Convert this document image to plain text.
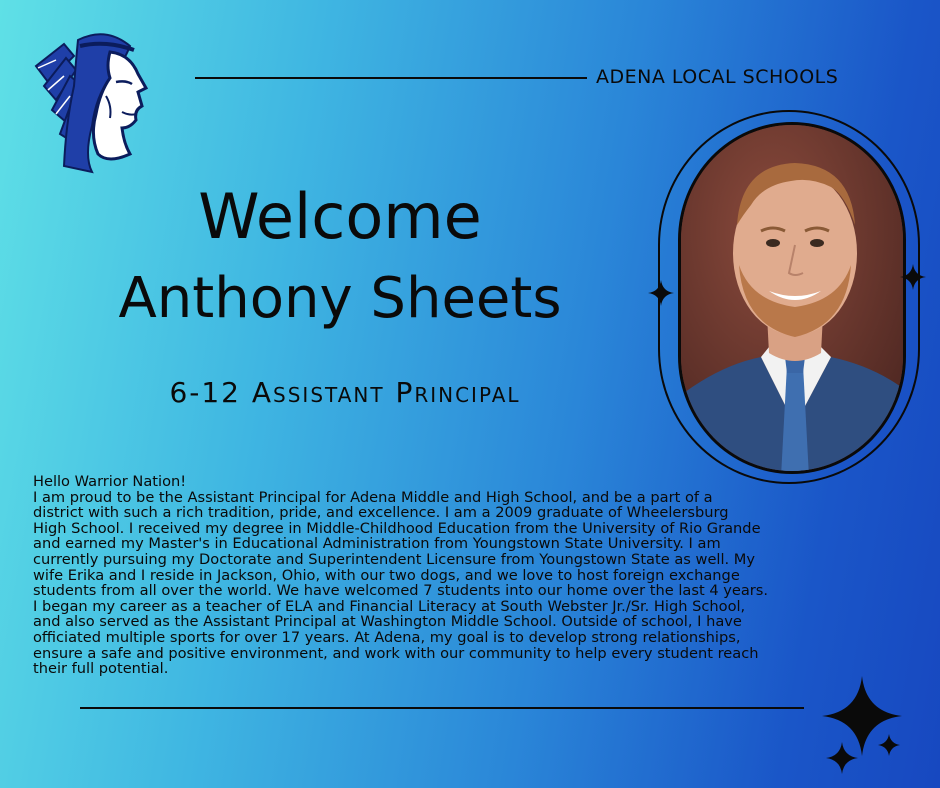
ADENA LOCAL SCHOOLS
Welcome
Anthony Sheets
6-12 Assistant Principal

Hello Warrior Nation!

I am proud to be the Assistant Principal for Adena Middle and High School, and be a part of a

district with such a rich tradition, pride, and excellence. I am a 2009 graduate of Wheelersburg

High School. I received my degree in Middle-Childhood Education from the University of Rio Grande

and earned my Master's in Educational Administration from Youngstown State University. I am

currently pursuing my Doctorate and Superintendent Licensure from Youngstown State as well. My

wife Erika and I reside in Jackson, Ohio, with our two dogs, and we love to host foreign exchange

students from all over the world. We have welcomed 7 students into our home over the last 4 years.

I began my career as a teacher of ELA and Financial Literacy at South Webster Jr./Sr. High School,

and also served as the Assistant Principal at Washington Middle School. Outside of school, I have

officiated multiple sports for over 17 years. At Adena, my goal is to develop strong relationships,

ensure a safe and positive environment, and work with our community to help every student reach

their full potential.
